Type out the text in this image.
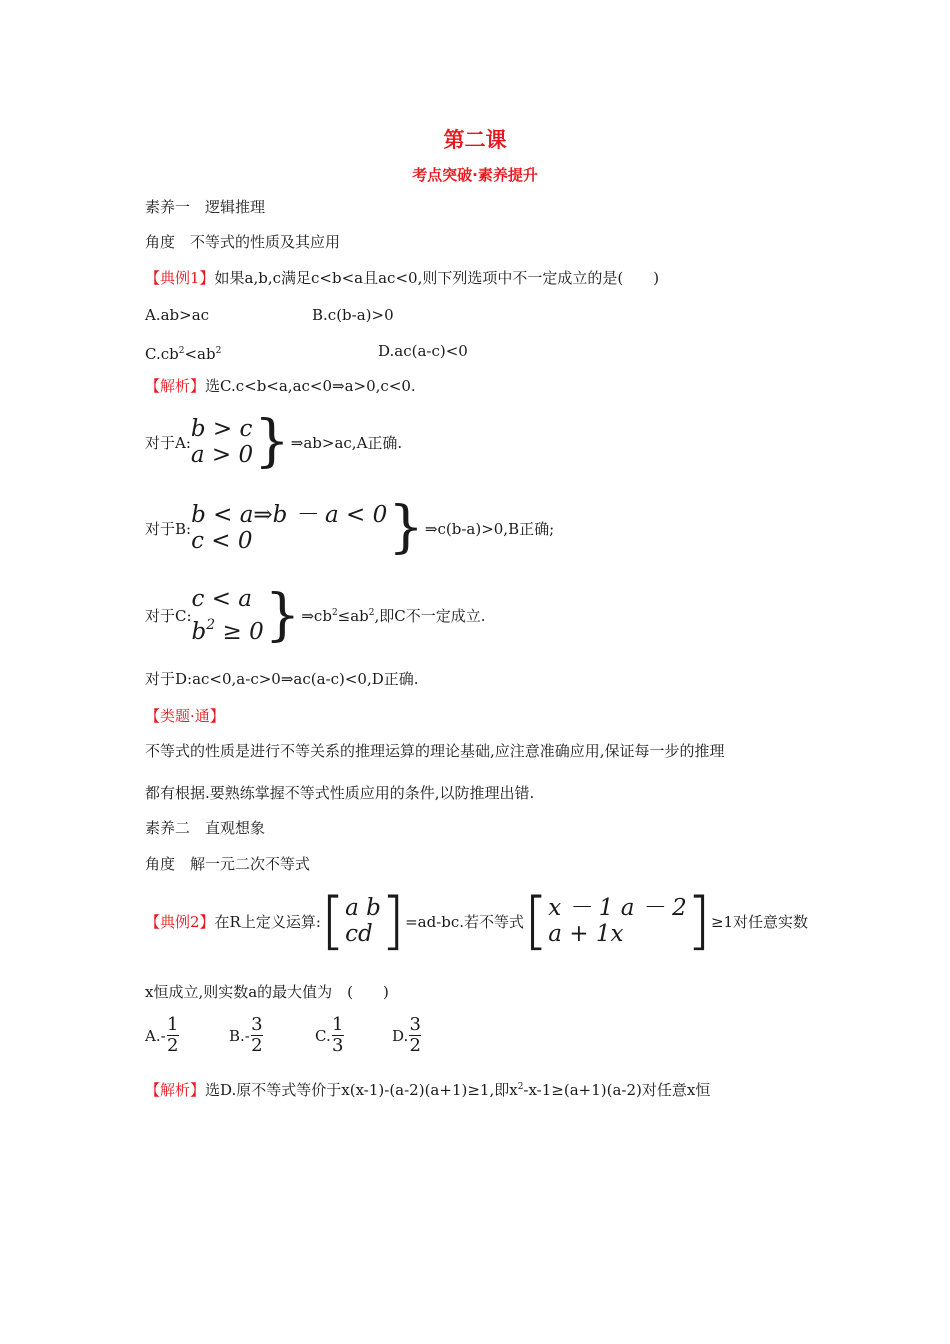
第二课
考点突破·素养提升
素养一　逻辑推理
角度　不等式的性质及其应用
【典例1】如果a,b,c满足c<b<a且ac<0,则下列选项中不一定成立的是(　　)
A.ab>ac	B.c(b-a)>0
$C.cb^2<ab^2$	D.ac(a-c)<0
【解析】选C.c<b<a,ac<0⇒a>0,c<0.
对于A:
b > c
a > 0 } ⇒ab>ac,A正确.
对于B:
b < a⇒b － a < 0
c < 0	} ⇒c(b-a)>0,B正确;
对于C:
c < a
$b^2 \ge 0$ } $\Rightarrow cb^2\le ab^2$,即C不一定成立.
对于D:ac<0,a-c>0⇒ac(a-c)<0,D正确.
【类题·通】
不等式的性质是进行不等关系的推理运算的理论基础,应注意准确应用,保证每一步的推理
都有根据.要熟练掌握不等式性质应用的条件,以防推理出错.
素养二　直观想象
角度　解一元二次不等式
【典例2】 在R上定义运算: [ a b
cd ] =ad-bc.若不等式 [ x － 1 a － 2
a + 1x	] ≥1对任意实数
x恒成立,则实数a的最大值为　(　　)
$A.- \frac{1}{2}$	$B.- \frac{3}{2}$	C. $\frac{1}{3}$	D. $\frac{3}{2}$
【解析】选D.原不等式等价于x(x-1)-(a-2)(a+1)≥1,即$x^2-x-1\ge(a+1)(a-2)$对任意x恒
